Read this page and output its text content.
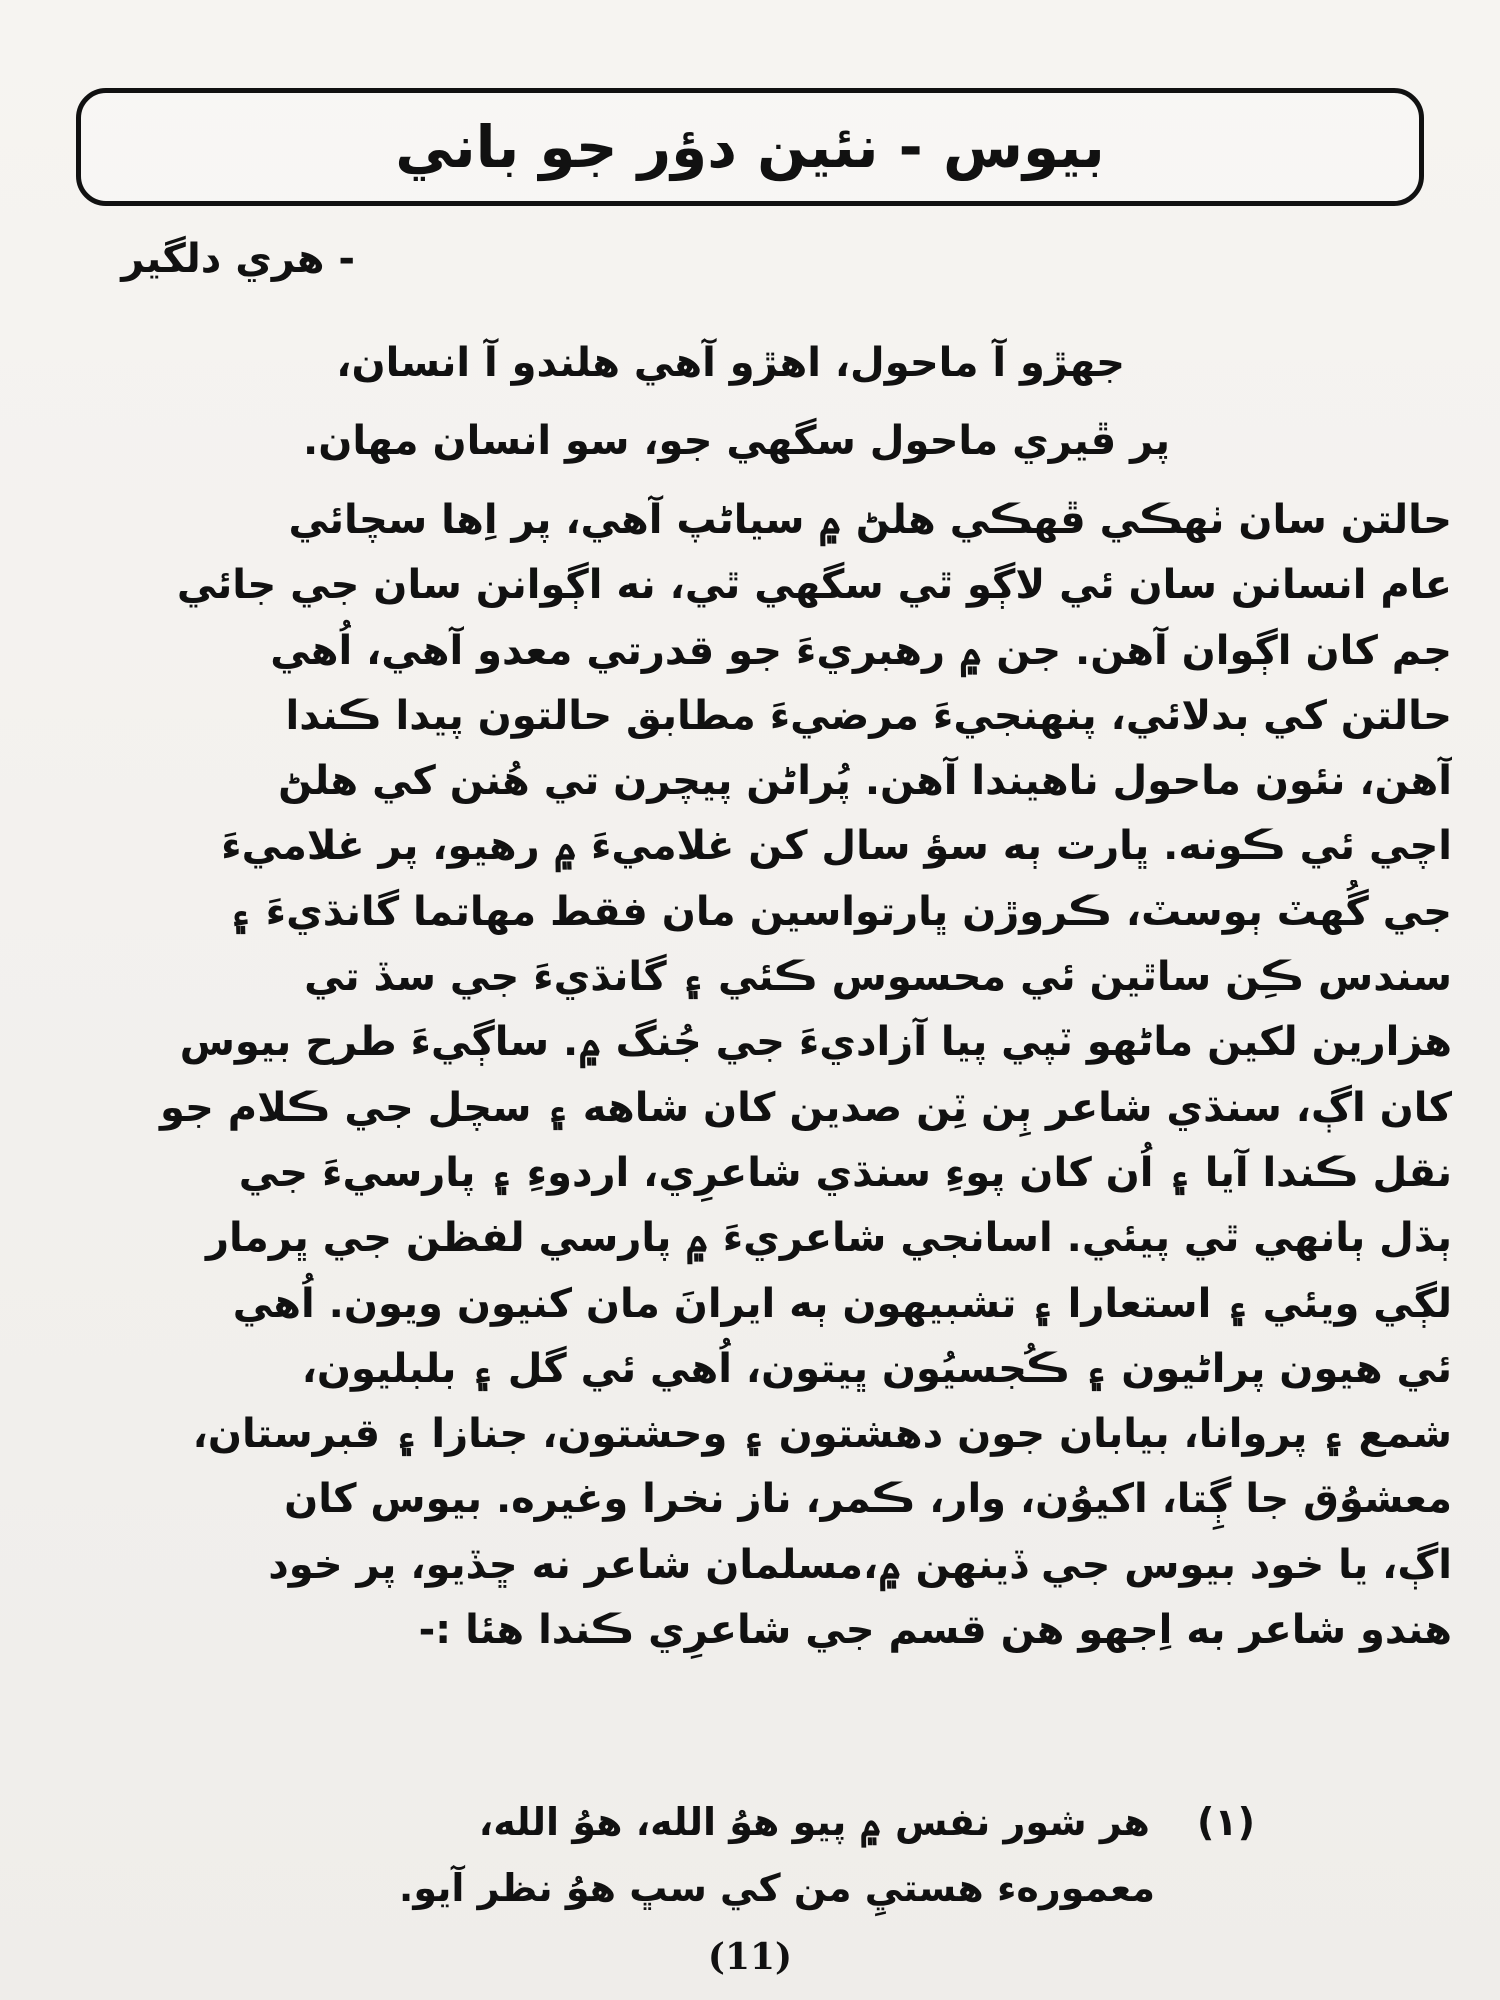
بيوس - نئين دؤر جو باني
- هري دلگير
جهڙو آ ماحول، اهڙو آهي هلندو آ انسان،
پر ڦيري ماحول سگهي جو، سو انسان مهان.
حالتن سان ٺهڪي ڦهڪي هلڻ ۾ سياڻپ آهي، پر اِها سچائي
عام انسانن سان ئي لاڳو ٿي سگهي ٿي، نه اڳوانن سان جي جائي
جم کان اڳوان آهن. جن ۾ رهبريءَ جو قدرتي معدو آهي، اُهي
حالتن کي بدلائي، پنهنجيءَ مرضيءَ مطابق حالتون پيدا ڪندا
آهن، نئون ماحول ناهيندا آهن. پُراڻن پيچرن تي هُنن کي هلڻ
اچي ئي ڪونه. ڀارت ٻه سؤ سال کن غلاميءَ ۾ رهيو، پر غلاميءَ
جي گُهٽ ٻوسٽ، ڪروڙن ڀارتواسين مان فقط مهاتما گانڌيءَ ۽
سندس ڪِن ساٿين ئي محسوس ڪئي ۽ گانڌيءَ جي سڏ تي
هزارين لکين ماڻهو ٽپي پيا آزاديءَ جي جُنگ ۾. ساڳيءَ طرح بيوس
کان اڳ، سنڌي شاعر ٻِن ٽِن صدين کان شاهه ۽ سچل جي ڪلام جو
نقل ڪندا آيا ۽ اُن کان پوءِ سنڌي شاعرِي، اردوءِ ۽ پارسيءَ جي
ٻڌل ٻانهي ٿي پيئي. اسانجي شاعريءَ ۾ پارسي لفظن جي ڀرمار
لڳي ويئي ۽ استعارا ۽ تشبيهون ٻه ايرانَ مان کنيون ويون. اُهي
ئي هيون پراڻيون ۽ ڪُجسيُون ڀيتون، اُهي ئي گل ۽ بلبليون،
شمع ۽ پروانا، بيابان جون دهشتون ۽ وحشتون، جنازا ۽ قبرستان،
معشوُق جا ڳِتا، اکيوُن، وار، ڪمر، ناز نخرا وغيره. بيوس کان
اڳ، يا خود بيوس جي ڏينهن ۾،مسلمان شاعر نه ڇڏيو، پر خود
هندو شاعر به اِجهو هن قسم جي شاعرِي ڪندا هئا :-
(۱) هر شور نفس ۾ پيو هوُ الله، هوُ الله،
معمورهء هستيِ من کي سڀ هوُ نظر آيو.
(11)
